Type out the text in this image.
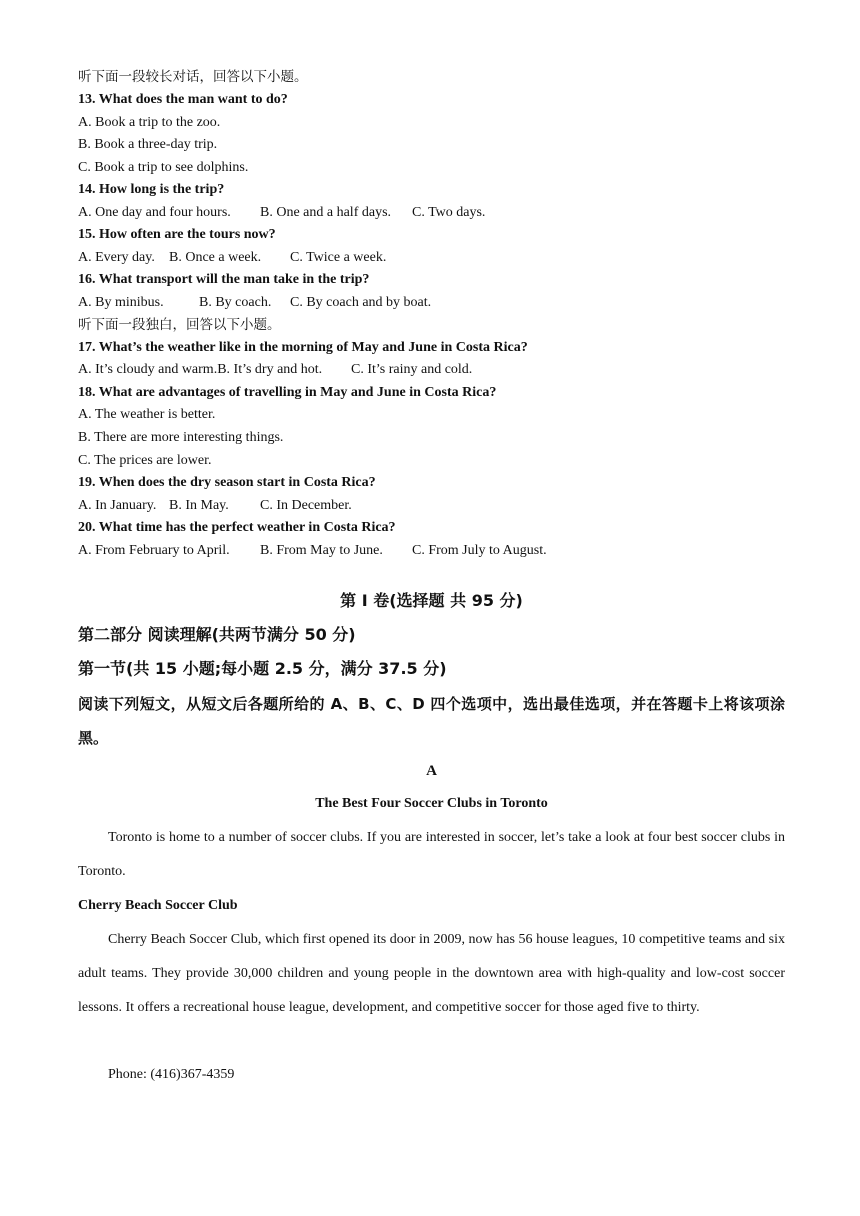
听下面一段较长对话，回答以下小题。
13. What does the man want to do?
A. Book a trip to the zoo.
B. Book a three-day trip.
C. Book a trip to see dolphins.
14. How long is the trip?
A. One day and four hours. B. One and a half days. C. Two days.
15. How often are the tours now?
A. Every day. B. Once a week. C. Twice a week.
16. What transport will the man take in the trip?
A. By minibus.	B. By coach. C. By coach and by boat.
听下面一段独白，回答以下小题。
17. What’s the weather like in the morning of May and June in Costa Rica?
A. It’s cloudy and warm.B. It’s dry and hot. C. It’s rainy and cold.
18. What are advantages of travelling in May and June in Costa Rica?
A. The weather is better.
B. There are more interesting things.
C. The prices are lower.
19. When does the dry season start in Costa Rica?
A. In January. B. In May. C. In December.
20. What time has the perfect weather in Costa Rica?
A. From February to April. B. From May to June. C. From July to August.
第 I 卷(选择题 共 95 分)
第二部分 阅读理解(共两节满分 50 分)
第一节(共 15 小题;每小题 2.5 分，满分 37.5 分)
阅读下列短文，从短文后各题所给的 A、B、C、D 四个选项中，选出最佳选项，并在答题卡上将该项涂黑。
A
The Best Four Soccer Clubs in Toronto
Toronto is home to a number of soccer clubs. If you are interested in soccer, let’s take a look at four best soccer clubs in Toronto.
Cherry Beach Soccer Club
Cherry Beach Soccer Club, which first opened its door in 2009, now has 56 house leagues, 10 competitive teams and six adult teams. They provide 30,000 children and young people in the downtown area with high-quality and low-cost soccer lessons. It offers a recreational house league, development, and competitive soccer for those aged five to thirty.
Phone: (416)367-4359
